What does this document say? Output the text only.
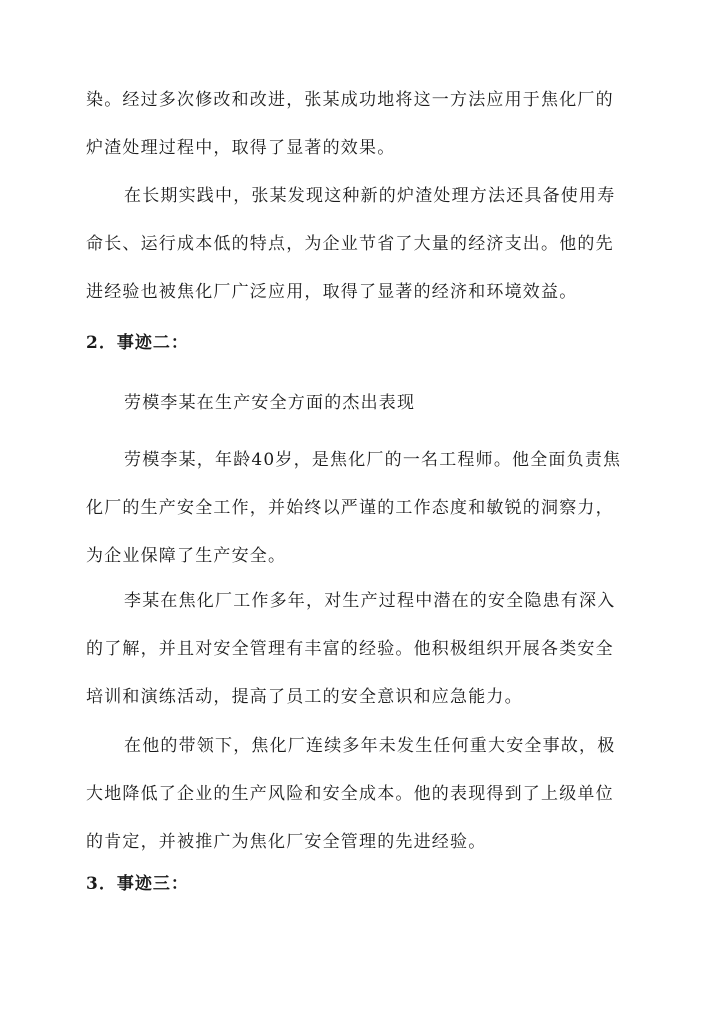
染。经过多次修改和改进，张某成功地将这一方法应用于焦化厂的
炉渣处理过程中，取得了显著的效果。

在长期实践中，张某发现这种新的炉渣处理方法还具备使用寿
命长、运行成本低的特点，为企业节省了大量的经济支出。他的先
进经验也被焦化厂广泛应用，取得了显著的经济和环境效益。

2．事迹二：

劳模李某在生产安全方面的杰出表现

劳模李某，年龄40岁，是焦化厂的一名工程师。他全面负责焦
化厂的生产安全工作，并始终以严谨的工作态度和敏锐的洞察力，
为企业保障了生产安全。

李某在焦化厂工作多年，对生产过程中潜在的安全隐患有深入
的了解，并且对安全管理有丰富的经验。他积极组织开展各类安全
培训和演练活动，提高了员工的安全意识和应急能力。

在他的带领下，焦化厂连续多年未发生任何重大安全事故，极
大地降低了企业的生产风险和安全成本。他的表现得到了上级单位
的肯定，并被推广为焦化厂安全管理的先进经验。

3．事迹三：
